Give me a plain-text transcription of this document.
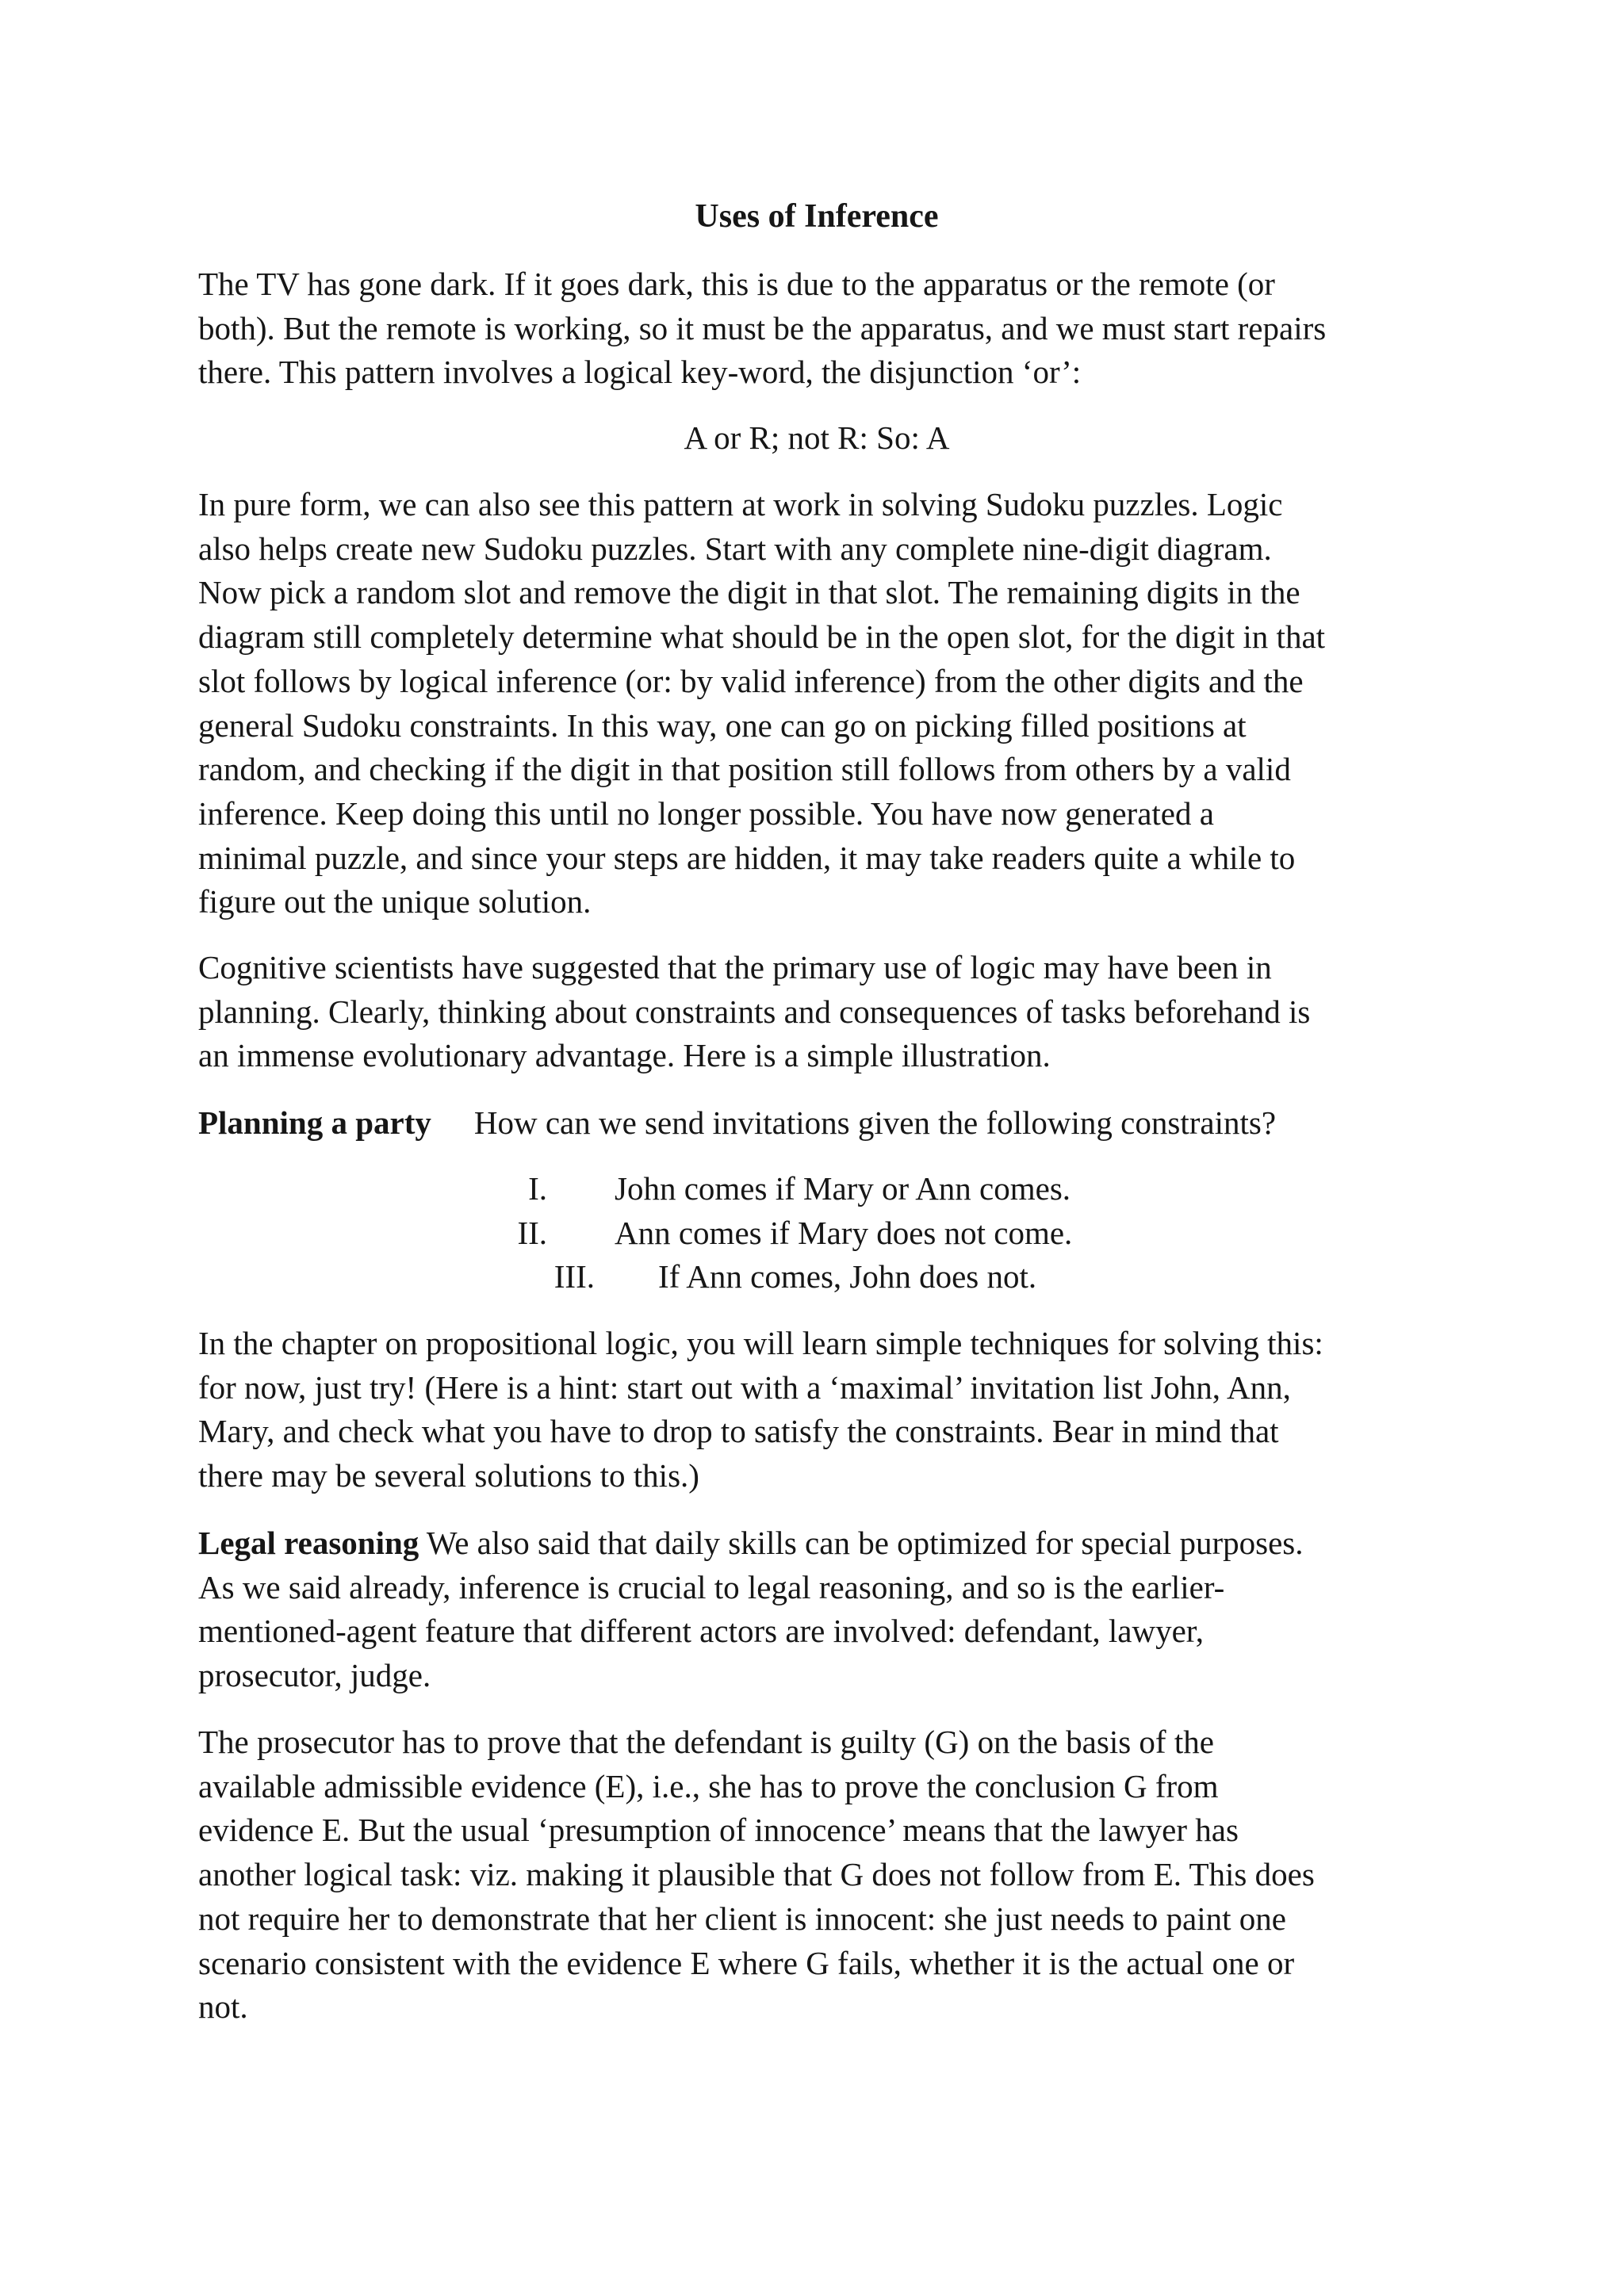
Uses of Inference

The TV has gone dark. If it goes dark, this is due to the apparatus or the remote (or
both). But the remote is working, so it must be the apparatus, and we must start repairs
there. This pattern involves a logical key-word, the disjunction ‘or’:

A or R; not R: So: A

In pure form, we can also see this pattern at work in solving Sudoku puzzles. Logic
also helps create new Sudoku puzzles. Start with any complete nine-digit diagram.
Now pick a random slot and remove the digit in that slot. The remaining digits in the
diagram still completely determine what should be in the open slot, for the digit in that
slot follows by logical inference (or: by valid inference) from the other digits and the
general Sudoku constraints. In this way, one can go on picking filled positions at
random, and checking if the digit in that position still follows from others by a valid
inference. Keep doing this until no longer possible. You have now generated a
minimal puzzle, and since your steps are hidden, it may take readers quite a while to
figure out the unique solution.

Cognitive scientists have suggested that the primary use of logic may have been in
planning. Clearly, thinking about constraints and consequences of tasks beforehand is
an immense evolutionary advantage. Here is a simple illustration.

Planning a party How can we send invitations given the following constraints?

I. John comes if Mary or Ann comes.
II. Ann comes if Mary does not come.
III. If Ann comes, John does not.

In the chapter on propositional logic, you will learn simple techniques for solving this:
for now, just try! (Here is a hint: start out with a ‘maximal’ invitation list John, Ann,
Mary, and check what you have to drop to satisfy the constraints. Bear in mind that
there may be several solutions to this.)

Legal reasoning We also said that daily skills can be optimized for special purposes.
As we said already, inference is crucial to legal reasoning, and so is the earlier-
mentioned-agent feature that different actors are involved: defendant, lawyer,
prosecutor, judge.

The prosecutor has to prove that the defendant is guilty (G) on the basis of the
available admissible evidence (E), i.e., she has to prove the conclusion G from
evidence E. But the usual ‘presumption of innocence’ means that the lawyer has
another logical task: viz. making it plausible that G does not follow from E. This does
not require her to demonstrate that her client is innocent: she just needs to paint one
scenario consistent with the evidence E where G fails, whether it is the actual one or
not.
